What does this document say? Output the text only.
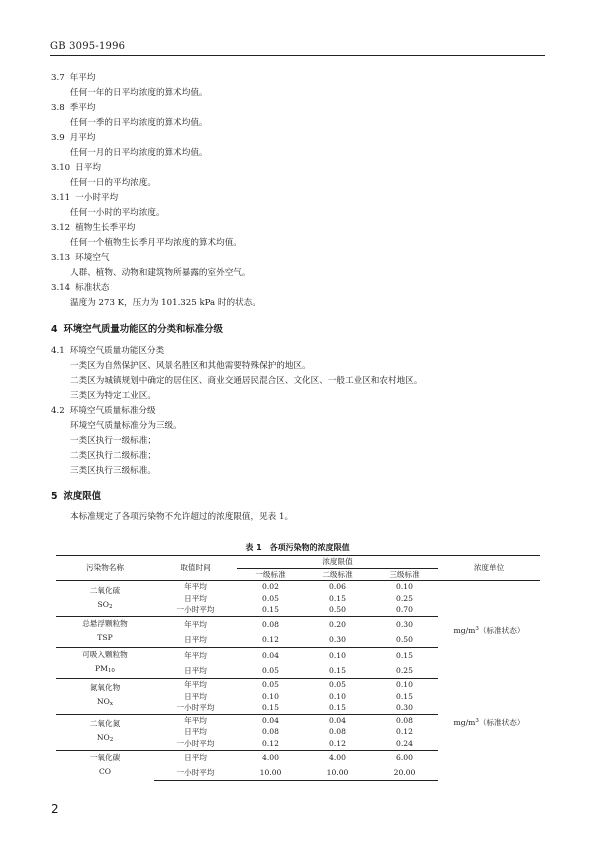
GB 3095-1996
3.7 年平均
任何一年的日平均浓度的算术均值。
3.8 季平均
任何一季的日平均浓度的算术均值。
3.9 月平均
任何一月的日平均浓度的算术均值。
3.10 日平均
任何一日的平均浓度。
3.11 一小时平均
任何一小时的平均浓度。
3.12 植物生长季平均
任何一个植物生长季月平均浓度的算术均值。
3.13 环境空气
人群、植物、动物和建筑物所暴露的室外空气。
3.14 标准状态
温度为 273 K，压力为 101.325 kPa 时的状态。
4 环境空气质量功能区的分类和标准分级
4.1 环境空气质量功能区分类
一类区为自然保护区、风景名胜区和其他需要特殊保护的地区。
二类区为城镇规划中确定的居住区、商业交通居民混合区、文化区、一般工业区和农村地区。
三类区为特定工业区。
4.2 环境空气质量标准分级
环境空气质量标准分为三级。
一类区执行一级标准；
二类区执行二级标准；
三类区执行三级标准。
5 浓度限值
本标准规定了各项污染物不允许超过的浓度限值，见表 1。
表 1 各项污染物的浓度限值
污染物名称	取值时间	浓度限值			浓度单位
		一级标准	二级标准	三级标准	

二氧化硫
$SO_2$	年平均	0.02	0.06	0.10	$mg/m^3$（标准状态）
	日平均	0.05	0.15	0.25	
	一小时平均	0.15	0.50	0.70	

总悬浮颗粒物
TSP	年平均	0.08	0.20	0.30	
	日平均	0.12	0.30	0.50	

可吸入颗粒物
$PM_{10}$	年平均	0.04	0.10	0.15	
	日平均	0.05	0.15	0.25	

氮氧化物
$NO_x$	年平均	0.05	0.05	0.10	$mg/m^3$（标准状态）
	日平均	0.10	0.10	0.15	
	一小时平均	0.15	0.15	0.30	

二氧化氮
$NO_2$	年平均	0.04	0.04	0.08	
	日平均	0.08	0.08	0.12	
	一小时平均	0.12	0.12	0.24	

一氧化碳
CO	日平均	4.00	4.00	6.00	
	一小时平均	10.00	10.00	20.00	
2
